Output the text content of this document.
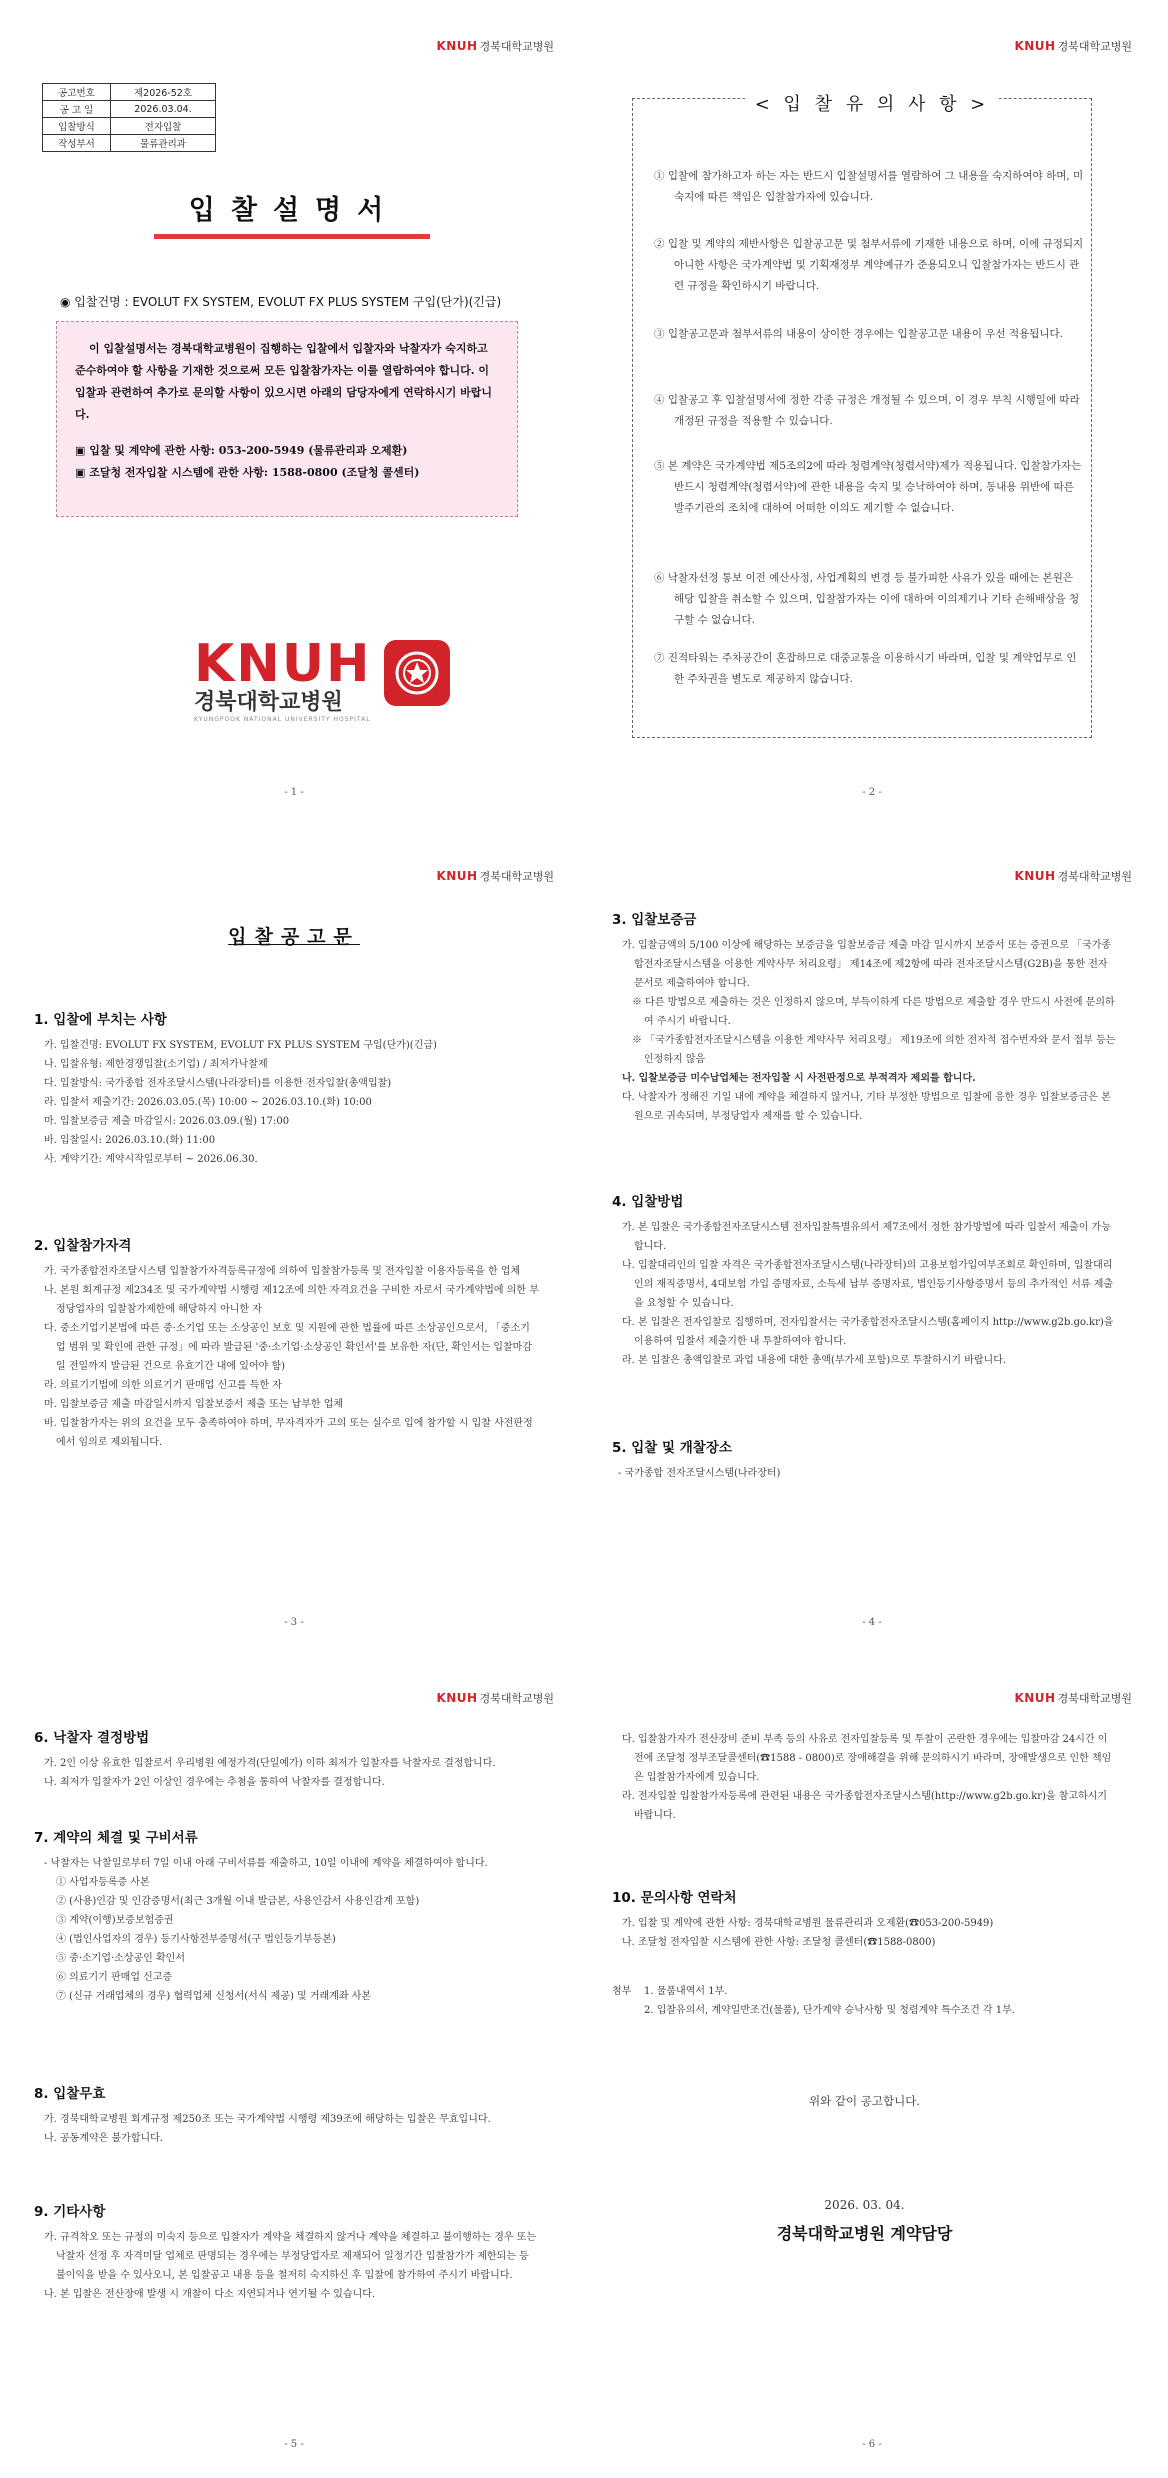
KNUH 경북대학교병원
공고번호	제2026-52호
공 고 일	2026.03.04.
입찰방식	전자입찰
작성부서	물류관리과
입찰설명서
◉ 입찰건명 : EVOLUT FX SYSTEM, EVOLUT FX PLUS SYSTEM 구입(단가)(긴급)

이 입찰설명서는 경북대학교병원이 집행하는 입찰에서 입찰자와 낙찰자가 숙지하고 준수하여야 할 사항을 기재한 것으로써 모든 입찰참가자는 이를 열람하여야 합니다. 이 입찰과 관련하여 추가로 문의할 사항이 있으시면 아래의 담당자에게 연락하시기 바랍니다.

▣ 입찰 및 계약에 관한 사항: 053-200-5949 (물류관리과 오제환)

▣ 조달청 전자입찰 시스템에 관한 사항: 1588-0800 (조달청 콜센터)

KNUH
경북대학교병원
KYUNGPOOK NATIONAL UNIVERSITY HOSPITAL
- 1 -
KNUH 경북대학교병원
< 입 찰 유 의 사 항 >

① 입찰에 참가하고자 하는 자는 반드시 입찰설명서를 열람하여 그 내용을 숙지하여야 하며, 미숙지에 따른 책임은 입찰참가자에 있습니다.

② 입찰 및 계약의 제반사항은 입찰공고문 및 첨부서류에 기재한 내용으로 하며, 이에 규정되지 아니한 사항은 국가계약법 및 기획재정부 계약예규가 준용되오니 입찰참가자는 반드시 관련 규정을 확인하시기 바랍니다.

③ 입찰공고문과 첨부서류의 내용이 상이한 경우에는 입찰공고문 내용이 우선 적용됩니다.

④ 입찰공고 후 입찰설명서에 정한 각종 규정은 개정될 수 있으며, 이 경우 부칙 시행일에 따라 개정된 규정을 적용할 수 있습니다.

⑤ 본 계약은 국가계약법 제5조의2에 따라 청렴계약(청렴서약)제가 적용됩니다. 입찰참가자는 반드시 청렴계약(청렴서약)에 관한 내용을 숙지 및 승낙하여야 하며, 동내용 위반에 따른 발주기관의 조치에 대하여 어떠한 이의도 제기할 수 없습니다.

⑥ 낙찰자선정 통보 이전 예산사정, 사업계획의 변경 등 불가피한 사유가 있을 때에는 본원은 해당 입찰을 취소할 수 있으며, 입찰참가자는 이에 대하여 이의제기나 기타 손해배상을 청구할 수 없습니다.

⑦ 진적타워는 주차공간이 혼잡하므로 대중교통을 이용하시기 바라며, 입찰 및 계약업무로 인한 주차권을 별도로 제공하지 않습니다.

- 2 -
KNUH 경북대학교병원
입찰공고문
1. 입찰에 부치는 사항

가. 입찰건명: EVOLUT FX SYSTEM, EVOLUT FX PLUS SYSTEM 구입(단가)(긴급)

나. 입찰유형: 제한경쟁입찰(소기업) / 최저가낙찰제

다. 입찰방식: 국가종합 전자조달시스템(나라장터)를 이용한 전자입찰(총액입찰)

라. 입찰서 제출기간: 2026.03.05.(목) 10:00 ~ 2026.03.10.(화) 10:00

마. 입찰보증금 제출 마감일시: 2026.03.09.(월) 17:00

바. 입찰일시: 2026.03.10.(화) 11:00

사. 계약기간: 계약시작일로부터 ~ 2026.06.30.

2. 입찰참가자격

가. 국가종합전자조달시스템 입찰참가자격등록규정에 의하여 입찰참가등록 및 전자입찰 이용자등록을 한 업체

나. 본원 회계규정 제234조 및 국가계약법 시행령 제12조에 의한 자격요건을 구비한 자로서 국가계약법에 의한 부정당업자의 입찰참가제한에 해당하지 아니한 자

다. 중소기업기본법에 따른 중·소기업 또는 소상공인 보호 및 지원에 관한 법률에 따른 소상공인으로서, 「중소기업 범위 및 확인에 관한 규정」에 따라 발급된 '중·소기업·소상공인 확인서'를 보유한 자(단, 확인서는 입찰마감일 전일까지 발급된 건으로 유효기간 내에 있어야 함)

라. 의료기기법에 의한 의료기기 판매업 신고를 득한 자

마. 입찰보증금 제출 마감일시까지 입찰보증서 제출 또는 납부한 업체

바. 입찰참가자는 위의 요건을 모두 충족하여야 하며, 무자격자가 고의 또는 실수로 입에 참가할 시 입찰 사전판정에서 임의로 제외됩니다.

- 3 -
KNUH 경북대학교병원
3. 입찰보증금

가. 입찰금액의 5/100 이상에 해당하는 보증금을 입찰보증금 제출 마감 일시까지 보증서 또는 증권으로 「국가종합전자조달시스템을 이용한 계약사무 처리요령」 제14조에 제2항에 따라 전자조달시스템(G2B)을 통한 전자문서로 제출하여야 합니다.

※ 다른 방법으로 제출하는 것은 인정하지 않으며, 부득이하게 다른 방법으로 제출할 경우 반드시 사전에 문의하여 주시기 바랍니다.

※ 「국가종합전자조달시스템을 이용한 계약사무 처리요령」 제19조에 의한 전자적 접수번자와 문서 접부 등는 인정하지 않음

나. 입찰보증금 미수납업체는 전자입찰 시 사전판정으로 부적격자 제외를 합니다.

다. 낙찰자가 정해진 기일 내에 계약을 체결하지 않거나, 기타 부정한 방법으로 입찰에 응한 경우 입찰보증금은 본원으로 귀속되며, 부정당업자 제재를 할 수 있습니다.

4. 입찰방법

가. 본 입찰은 국가종합전자조달시스템 전자입찰특별유의서 제7조에서 정한 참가방법에 따라 입찰서 제출이 가능합니다.

나. 입찰대리인의 입찰 자격은 국가종합전자조달시스템(나라장터)의 고용보험가입여부조회로 확인하며, 입찰대리인의 재직증명서, 4대보험 가입 증명자료, 소득세 납부 증명자료, 법인등기사항증명서 등의 추가적인 서류 제출을 요청할 수 있습니다.

다. 본 입찰은 전자입찰로 집행하며, 전자입찰서는 국가종합전자조달시스템(홈페이지 http://www.g2b.go.kr)을 이용하여 입찰서 제출기한 내 투찰하여야 합니다.

라. 본 입찰은 총액입찰로 과업 내용에 대한 총액(부가세 포함)으로 투찰하시기 바랍니다.

5. 입찰 및 개찰장소

- 국가종합 전자조달시스템(나라장터)

- 4 -
KNUH 경북대학교병원
6. 낙찰자 결정방법

가. 2인 이상 유효한 입찰로서 우리병원 예정가격(단일예가) 이하 최저가 입찰자를 낙찰자로 결정합니다.

나. 최저가 입찰자가 2인 이상인 경우에는 추첨을 통하여 낙찰자를 결정합니다.

7. 계약의 체결 및 구비서류

- 낙찰자는 낙찰일로부터 7일 이내 아래 구비서류를 제출하고, 10일 이내에 계약을 체결하여야 합니다.

① 사업자등록증 사본

② (사용)인감 및 인감증명서(최근 3개월 이내 발급본, 사용인감서 사용인감계 포함)

③ 계약(이행)보증보험증권

④ (법인사업자의 경우) 등기사항전부증명서(구 법인등기부등본)

⑤ 중·소기업·소상공인 확인서

⑥ 의료기기 판매업 신고증

⑦ (신규 거래업체의 경우) 협력업체 신청서(서식 제공) 및 거래계좌 사본

8. 입찰무효

가. 경북대학교병원 회계규정 제250조 또는 국가계약법 시행령 제39조에 해당하는 입찰은 무효입니다.

나. 공동계약은 불가합니다.

9. 기타사항

가. 규격착오 또는 규정의 미숙지 등으로 입찰자가 계약을 체결하지 않거나 계약을 체결하고 불이행하는 경우 또는 낙찰자 선정 후 자격미달 업체로 판명되는 경우에는 부정당업자로 제재되어 일정기간 입찰참가가 제한되는 등 불이익을 받을 수 있사오니, 본 입찰공고 내용 등을 철저히 숙지하신 후 입찰에 참가하여 주시기 바랍니다.

나. 본 입찰은 전산장애 발생 시 개찰이 다소 지연되거나 연기될 수 있습니다.

- 5 -
KNUH 경북대학교병원

다. 입찰참가자가 전산장비 준비 부족 등의 사유로 전자입찰등록 및 투찰이 곤란한 경우에는 입찰마감 24시간 이전에 조달청 정부조달콜센터(☎1588 - 0800)로 장애해결을 위해 문의하시기 바라며, 장애발생으로 인한 책임은 입찰참가자에게 있습니다.

라. 전자입찰 입찰참가자등록에 관련된 내용은 국가종합전자조달시스템(http://www.g2b.go.kr)을 참고하시기 바랍니다.

10. 문의사항 연락처

가. 입찰 및 계약에 관한 사항: 경북대학교병원 물류관리과 오제환(☎053-200-5949)

나. 조달청 전자입찰 시스템에 관한 사항: 조달청 콜센터(☎1588-0800)

첨부	1. 물품내역서 1부.

2. 입찰유의서, 계약일반조건(물품), 단가계약 승낙사항 및 청렴계약 특수조건 각 1부.

위와 같이 공고합니다.

2026. 03. 04.

경북대학교병원 계약담당

- 6 -
